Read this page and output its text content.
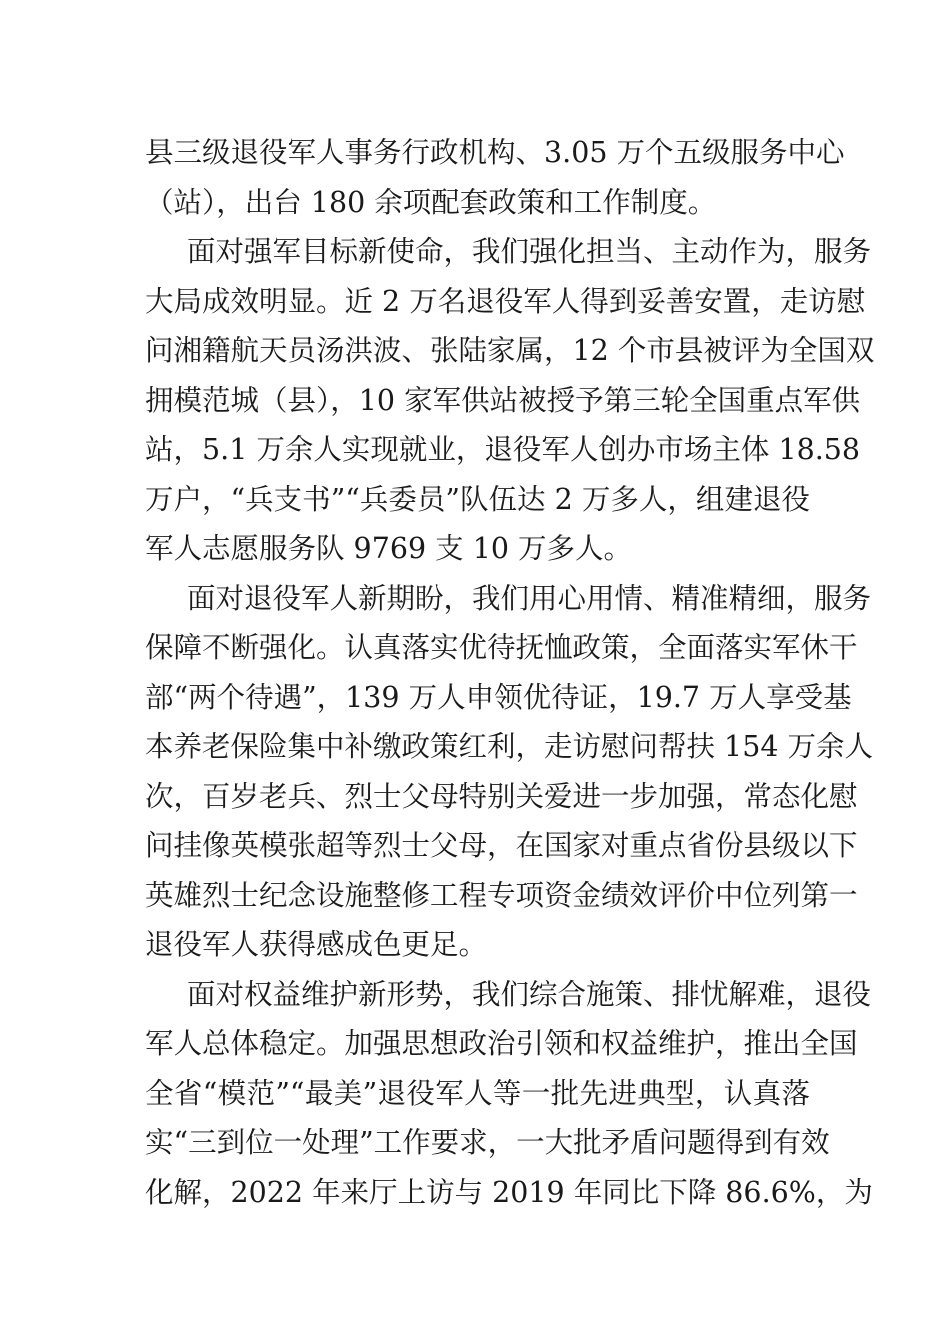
县三级退役军人事务行政机构、3.05 万个五级服务中心
（站），出台 180 余项配套政策和工作制度。
面对强军目标新使命，我们强化担当、主动作为，服务
大局成效明显。近 2 万名退役军人得到妥善安置，走访慰
问湘籍航天员汤洪波、张陆家属，12 个市县被评为全国双
拥模范城（县），10 家军供站被授予第三轮全国重点军供
站，5.1 万余人实现就业，退役军人创办市场主体 18.58
万户，“兵支书”“兵委员”队伍达 2 万多人，组建退役
军人志愿服务队 9769 支 10 万多人。
面对退役军人新期盼，我们用心用情、精准精细，服务
保障不断强化。认真落实优待抚恤政策，全面落实军休干
部“两个待遇”，139 万人申领优待证，19.7 万人享受基
本养老保险集中补缴政策红利，走访慰问帮扶 154 万余人
次，百岁老兵、烈士父母特别关爱进一步加强，常态化慰
问挂像英模张超等烈士父母，在国家对重点省份县级以下
英雄烈士纪念设施整修工程专项资金绩效评价中位列第一
退役军人获得感成色更足。
面对权益维护新形势，我们综合施策、排忧解难，退役
军人总体稳定。加强思想政治引领和权益维护，推出全国
全省“模范”“最美”退役军人等一批先进典型，认真落
实“三到位一处理”工作要求，一大批矛盾问题得到有效
化解，2022 年来厅上访与 2019 年同比下降 86.6%，为
